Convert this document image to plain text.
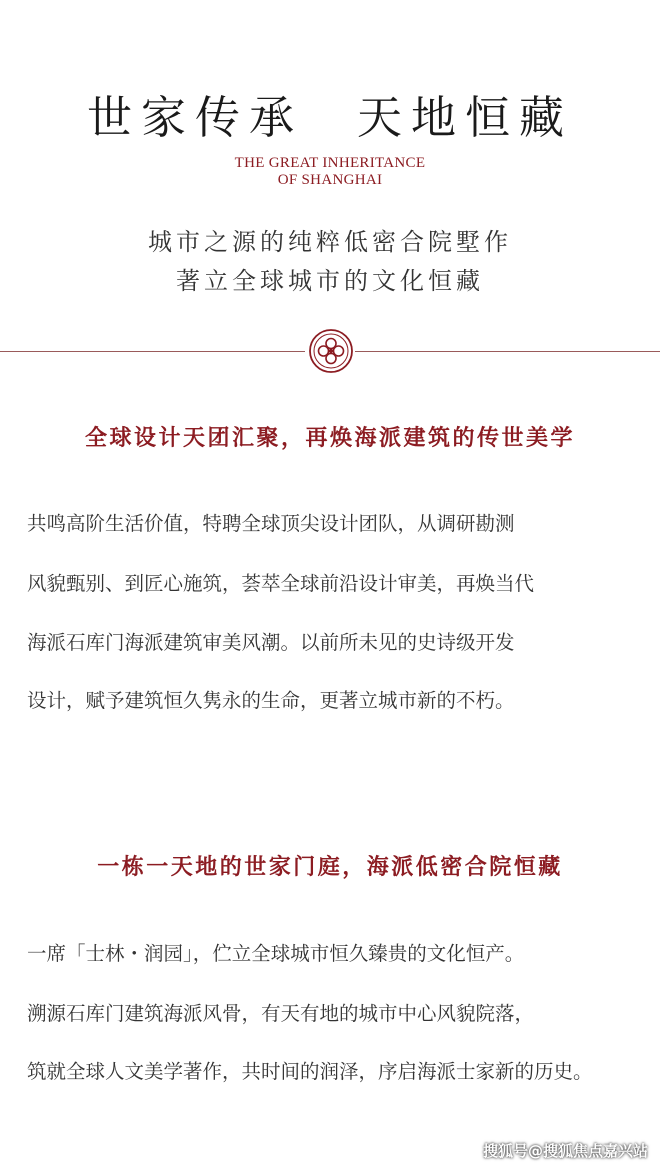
世家传承　天地恒藏
THE GREAT INHERITANCE
OF SHANGHAI
城市之源的纯粹低密合院墅作
著立全球城市的文化恒藏
全球设计天团汇聚，再焕海派建筑的传世美学
共鸣高阶生活价值，特聘全球顶尖设计团队，从调研勘测
风貌甄别、到匠心施筑，荟萃全球前沿设计审美，再焕当代
海派石库门海派建筑审美风潮。以前所未见的史诗级开发
设计，赋予建筑恒久隽永的生命，更著立城市新的不朽。
一栋一天地的世家门庭，海派低密合院恒藏
一席「士林・润园」，伫立全球城市恒久臻贵的文化恒产。
溯源石库门建筑海派风骨，有天有地的城市中心风貌院落，
筑就全球人文美学著作，共时间的润泽，序启海派士家新的历史。
搜狐号@搜狐焦点嘉兴站
